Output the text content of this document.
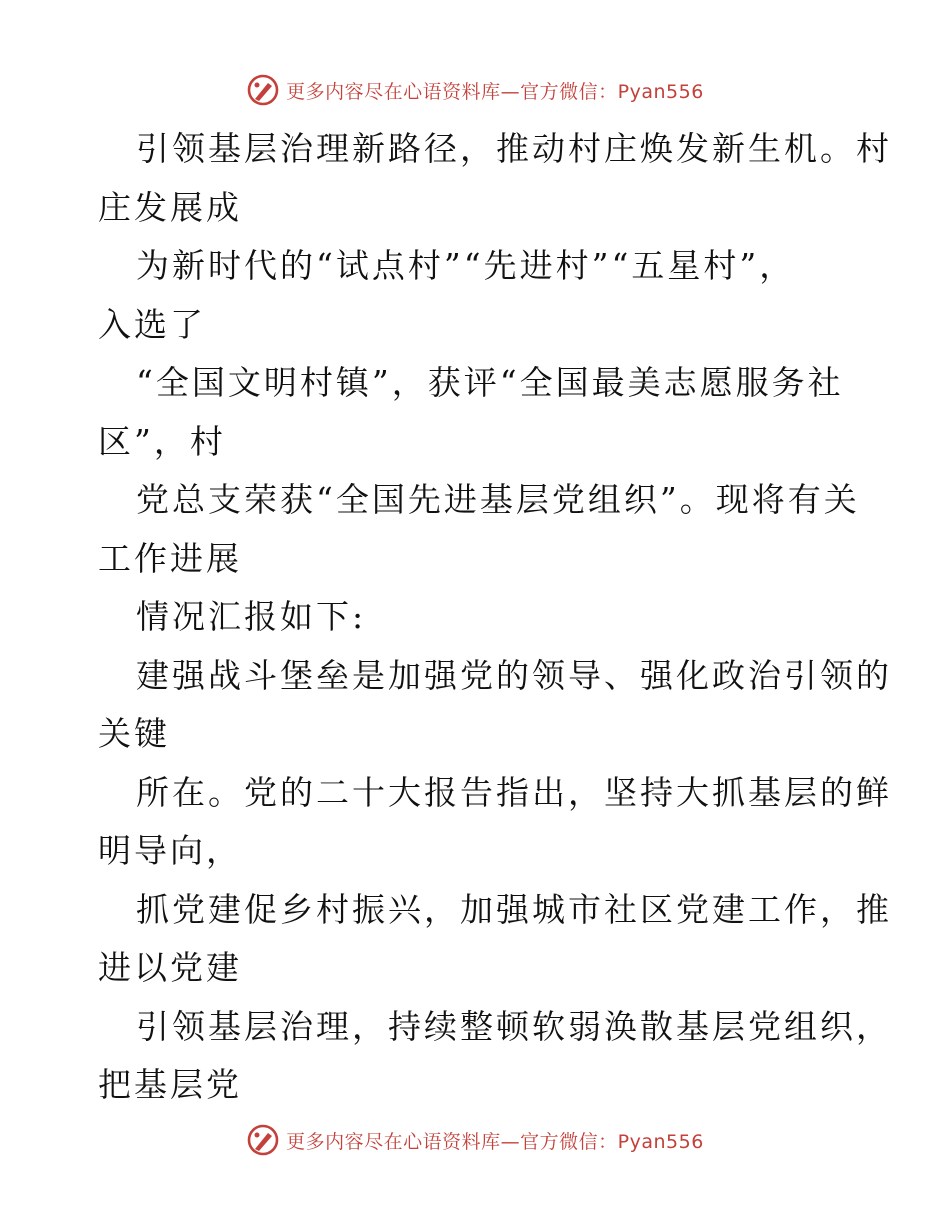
更多内容尽在心语资料库—官方微信：Pyan556
引领基层治理新路径，推动村庄焕发新生机。村
庄发展成
为新时代的“试点村”“先进村”“五星村”，
入选了
“全国文明村镇”，获评“全国最美志愿服务社
区”，村
党总支荣获“全国先进基层党组织”。现将有关
工作进展
情况汇报如下:
建强战斗堡垒是加强党的领导、强化政治引领的
关键
所在。党的二十大报告指出，坚持大抓基层的鲜
明导向，
抓党建促乡村振兴，加强城市社区党建工作，推
进以党建
引领基层治理，持续整顿软弱涣散基层党组织，
把基层党
更多内容尽在心语资料库—官方微信：Pyan556
